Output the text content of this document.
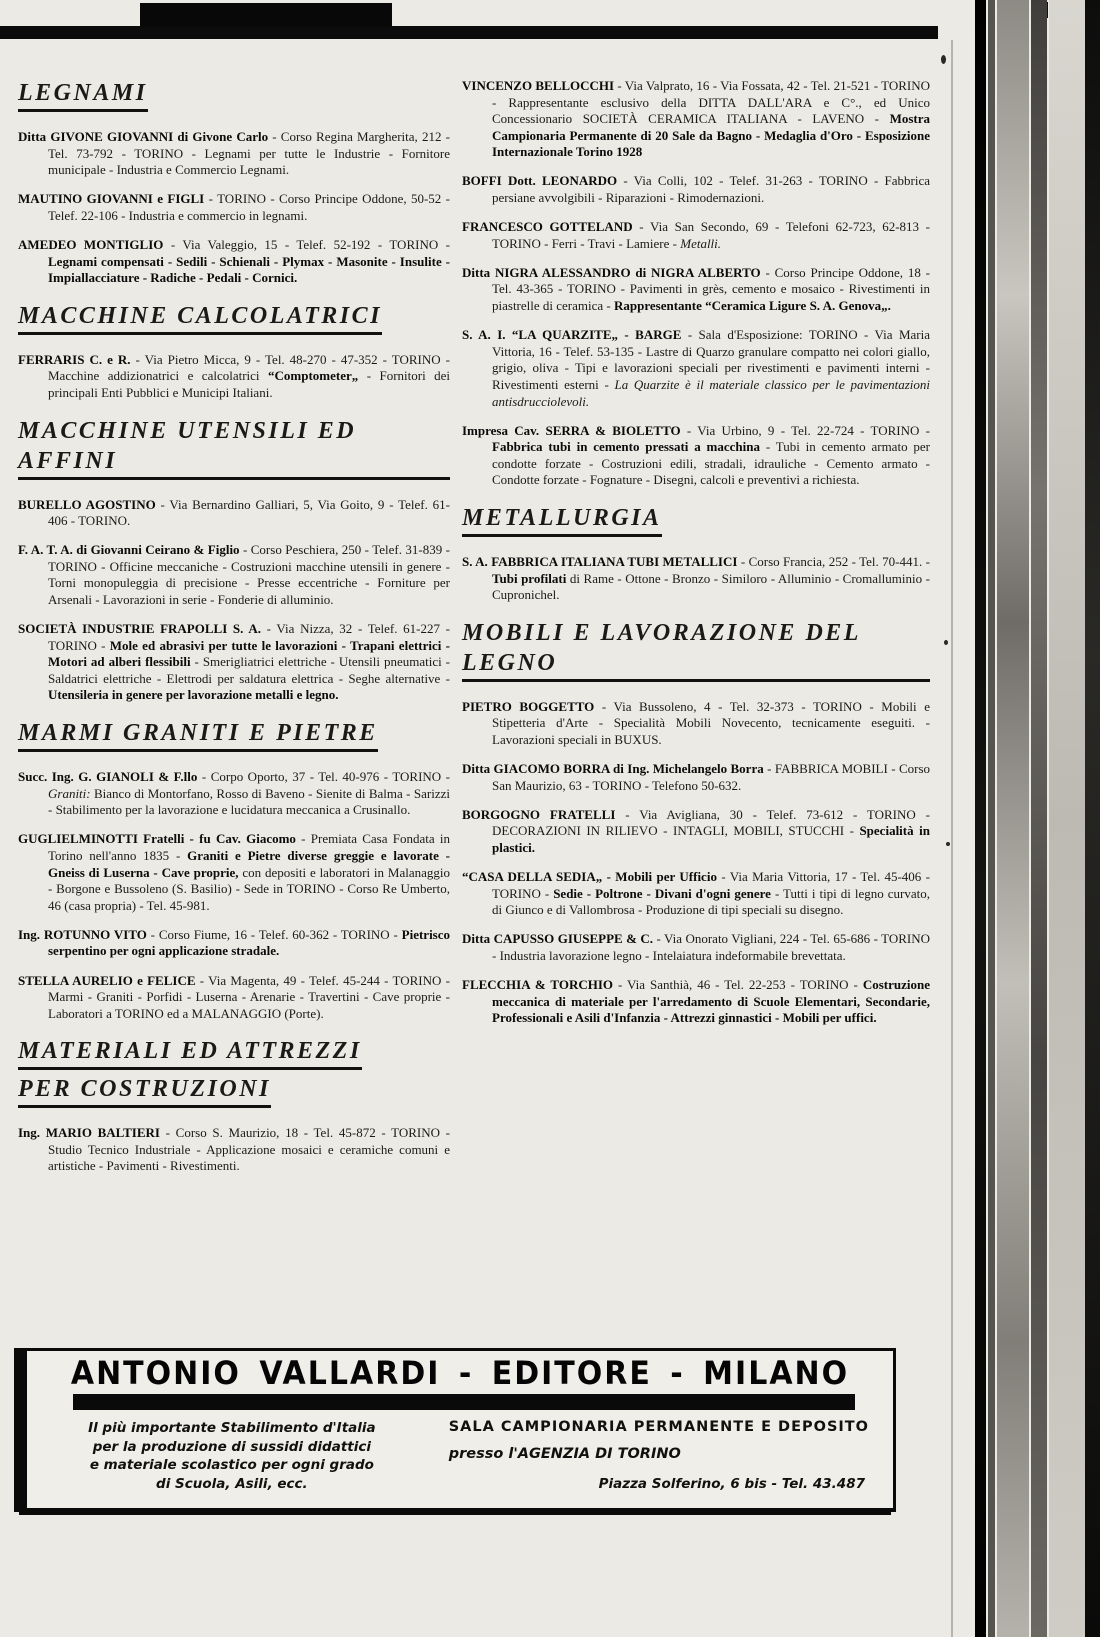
LEGNAMI

Ditta GIVONE GIOVANNI di Givone Carlo - Corso Regina Margherita, 212 - Tel. 73-792 - TORINO - Legnami per tutte le Industrie - Fornitore municipale - Industria e Commercio Legnami.

MAUTINO GIOVANNI e FIGLI - TORINO - Corso Principe Oddone, 50-52 - Telef. 22-106 - Industria e commercio in legnami.

AMEDEO MONTIGLIO - Via Valeggio, 15 - Telef. 52-192 - TORINO - Legnami compensati - Sedili - Schienali - Plymax - Masonite - Insulite - Impiallacciature - Radiche - Pedali - Cornici.

MACCHINE CALCOLATRICI

FERRARIS C. e R. - Via Pietro Micca, 9 - Tel. 48-270 - 47-352 - TORINO - Macchine addizionatrici e calcolatrici “Comptometer„ - Fornitori dei principali Enti Pubblici e Municipi Italiani.

MACCHINE UTENSILI ED AFFINI

BURELLO AGOSTINO - Via Bernardino Galliari, 5, Via Goito, 9 - Telef. 61-406 - TORINO.

F. A. T. A. di Giovanni Ceirano & Figlio - Corso Peschiera, 250 - Telef. 31-839 - TORINO - Officine meccaniche - Costruzioni macchine utensili in genere - Torni monopuleggia di precisione - Presse eccentriche - Forniture per Arsenali - Lavorazioni in serie - Fonderie di alluminio.

SOCIETÀ INDUSTRIE FRAPOLLI S. A. - Via Nizza, 32 - Telef. 61-227 - TORINO - Mole ed abrasivi per tutte le lavorazioni - Trapani elettrici - Motori ad alberi flessibili - Smerigliatrici elettriche - Utensili pneumatici - Saldatrici elettriche - Elettrodi per saldatura elettrica - Seghe alternative - Utensileria in genere per lavorazione metalli e legno.

MARMI GRANITI E PIETRE

Succ. Ing. G. GIANOLI & F.llo - Corpo Oporto, 37 - Tel. 40-976 - TORINO - Graniti: Bianco di Montorfano, Rosso di Baveno - Sienite di Balma - Sarizzi - Stabilimento per la lavorazione e lucidatura meccanica a Crusinallo.

GUGLIELMINOTTI Fratelli - fu Cav. Giacomo - Premiata Casa Fondata in Torino nell'anno 1835 - Graniti e Pietre diverse greggie e lavorate - Gneiss di Luserna - Cave proprie, con depositi e laboratori in Malanaggio - Borgone e Bussoleno (S. Basilio) - Sede in TORINO - Corso Re Umberto, 46 (casa propria) - Tel. 45-981.

Ing. ROTUNNO VITO - Corso Fiume, 16 - Telef. 60-362 - TORINO - Pietrisco serpentino per ogni applicazione stradale.

STELLA AURELIO e FELICE - Via Magenta, 49 - Telef. 45-244 - TORINO - Marmi - Graniti - Porfidi - Luserna - Arenarie - Travertini - Cave proprie - Laboratori a TORINO ed a MALANAGGIO (Porte).

MATERIALI ED ATTREZZI
PER COSTRUZIONI

Ing. MARIO BALTIERI - Corso S. Maurizio, 18 - Tel. 45-872 - TORINO - Studio Tecnico Industriale - Applicazione mosaici e ceramiche comuni e artistiche - Pavimenti - Rivestimenti.

VINCENZO BELLOCCHI - Via Valprato, 16 - Via Fossata, 42 - Tel. 21-521 - TORINO - Rappresentante esclusivo della DITTA DALL'ARA e C°., ed Unico Concessionario SOCIETÀ CERAMICA ITALIANA - LAVENO - Mostra Campionaria Permanente di 20 Sale da Bagno - Medaglia d'Oro - Esposizione Internazionale Torino 1928

BOFFI Dott. LEONARDO - Via Colli, 102 - Telef. 31-263 - TORINO - Fabbrica persiane avvolgibili - Riparazioni - Rimodernazioni.

FRANCESCO GOTTELAND - Via San Secondo, 69 - Telefoni 62-723, 62-813 - TORINO - Ferri - Travi - Lamiere - Metalli.

Ditta NIGRA ALESSANDRO di NIGRA ALBERTO - Corso Principe Oddone, 18 - Tel. 43-365 - TORINO - Pavimenti in grès, cemento e mosaico - Rivestimenti in piastrelle di ceramica - Rappresentante “Ceramica Ligure S. A. Genova„.

S. A. I. “LA QUARZITE„ - BARGE - Sala d'Esposizione: TORINO - Via Maria Vittoria, 16 - Telef. 53-135 - Lastre di Quarzo granulare compatto nei colori giallo, grigio, oliva - Tipi e lavorazioni speciali per rivestimenti e pavimenti interni - Rivestimenti esterni - La Quarzite è il materiale classico per le pavimentazioni antisdrucciolevoli.

Impresa Cav. SERRA & BIOLETTO - Via Urbino, 9 - Tel. 22-724 - TORINO - Fabbrica tubi in cemento pressati a macchina - Tubi in cemento armato per condotte forzate - Costruzioni edili, stradali, idrauliche - Cemento armato - Condotte forzate - Fognature - Disegni, calcoli e preventivi a richiesta.

METALLURGIA

S. A. FABBRICA ITALIANA TUBI METALLICI - Corso Francia, 252 - Tel. 70-441. - Tubi profilati di Rame - Ottone - Bronzo - Similoro - Alluminio - Cromalluminio - Cupronichel.

MOBILI E LAVORAZIONE DEL LEGNO

PIETRO BOGGETTO - Via Bussoleno, 4 - Tel. 32-373 - TORINO - Mobili e Stipetteria d'Arte - Specialità Mobili Novecento, tecnicamente eseguiti. - Lavorazioni speciali in BUXUS.

Ditta GIACOMO BORRA di Ing. Michelangelo Borra - FABBRICA MOBILI - Corso San Maurizio, 63 - TORINO - Telefono 50-632.

BORGOGNO FRATELLI - Via Avigliana, 30 - Telef. 73-612 - TORINO - DECORAZIONI IN RILIEVO - INTAGLI, MOBILI, STUCCHI - Specialità in plastici.

“CASA DELLA SEDIA„ - Mobili per Ufficio - Via Maria Vittoria, 17 - Tel. 45-406 - TORINO - Sedie - Poltrone - Divani d'ogni genere - Tutti i tipi di legno curvato, di Giunco e di Vallombrosa - Produzione di tipi speciali su disegno.

Ditta CAPUSSO GIUSEPPE & C. - Via Onorato Vigliani, 224 - Tel. 65-686 - TORINO - Industria lavorazione legno - Intelaiatura indeformabile brevettata.

FLECCHIA & TORCHIO - Via Santhià, 46 - Tel. 22-253 - TORINO - Costruzione meccanica di materiale per l'arredamento di Scuole Elementari, Secondarie, Professionali e Asili d'Infanzia - Attrezzi ginnastici - Mobili per uffici.

ANTONIO VALLARDI - EDITORE - MILANO
Il più importante Stabilimento d'Italia
per la produzione di sussidi didattici
e materiale scolastico per ogni grado
di Scuola, Asili, ecc.
SALA CAMPIONARIA PERMANENTE E DEPOSITO
presso l'AGENZIA DI TORINO
Piazza Solferino, 6 bis - Tel. 43.487
